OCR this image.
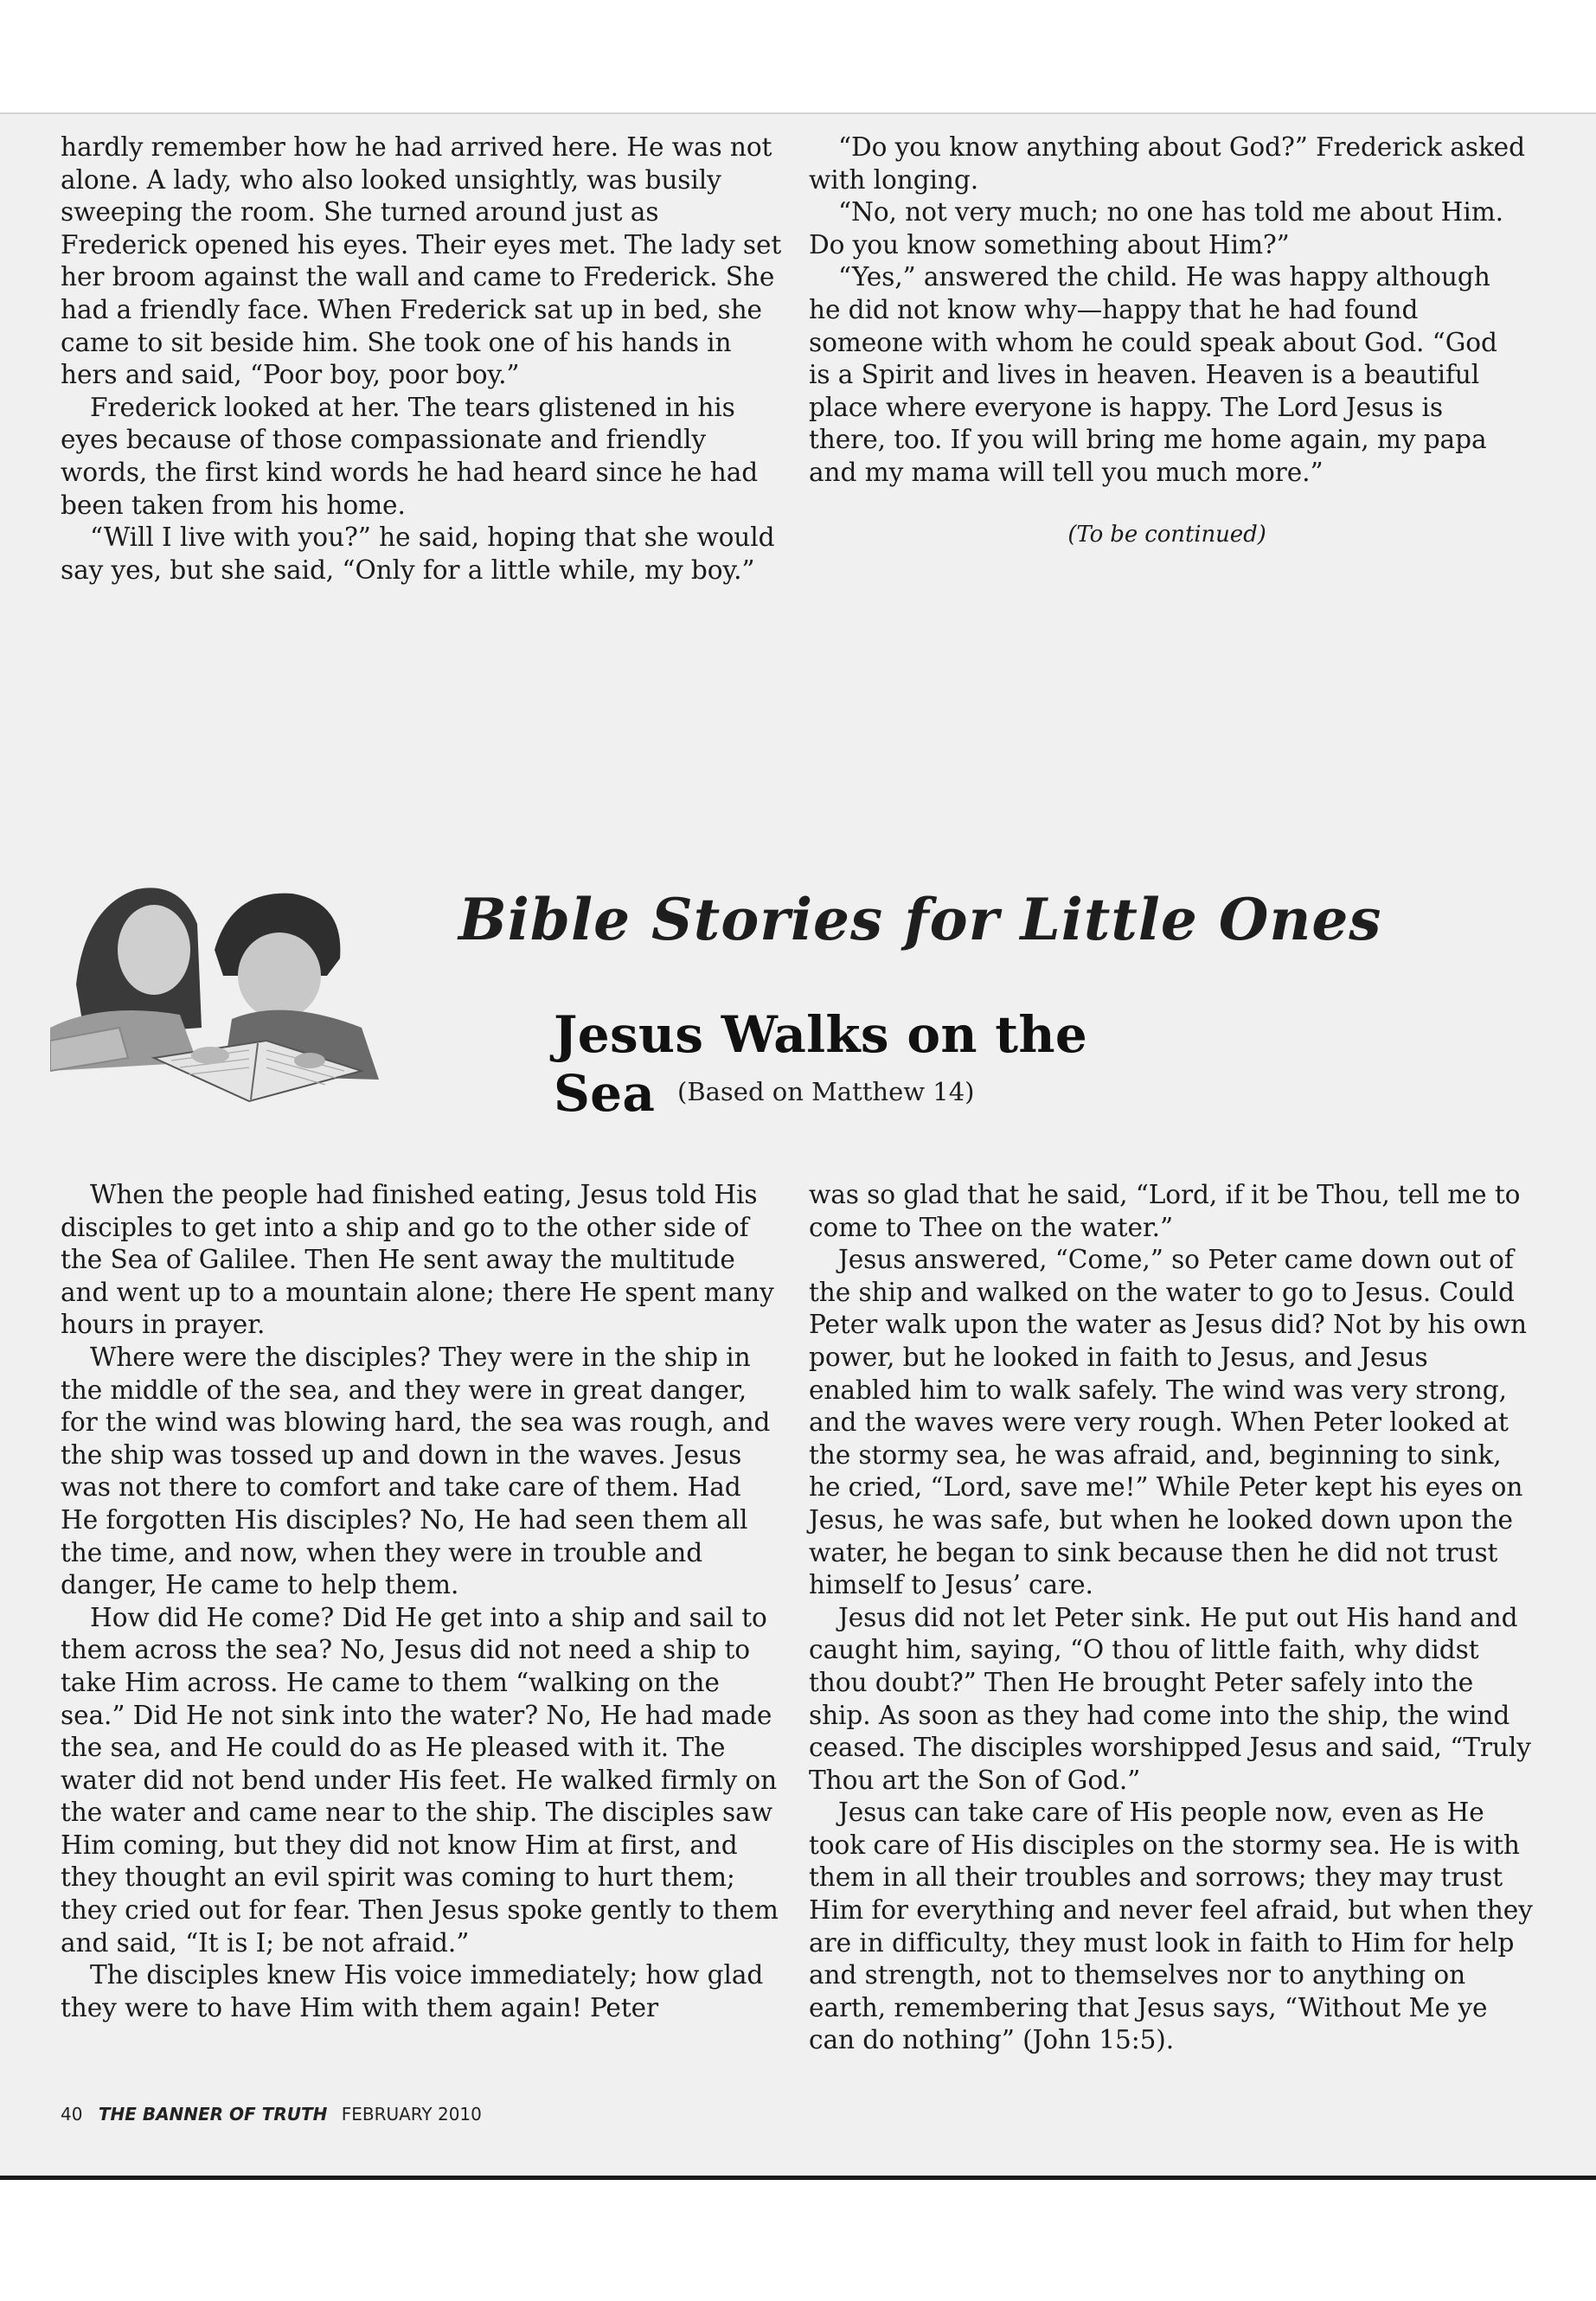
hardly remember how he had arrived here. He was not alone. A lady, who also looked unsightly, was busily sweeping the room. She turned around just as Frederick opened his eyes. Their eyes met. The lady set her broom against the wall and came to Frederick. She had a friendly face. When Frederick sat up in bed, she came to sit beside him. She took one of his hands in hers and said, “Poor boy, poor boy.”

Frederick looked at her. The tears glistened in his eyes because of those compassionate and friendly words, the first kind words he had heard since he had been taken from his home.

“Will I live with you?” he said, hoping that she would say yes, but she said, “Only for a little while, my boy.”

“Do you know anything about God?” Frederick asked with longing.

“No, not very much; no one has told me about Him. Do you know something about Him?”

“Yes,” answered the child. He was happy although he did not know why—happy that he had found someone with whom he could speak about God. “God is a Spirit and lives in heaven. Heaven is a beautiful place where everyone is happy. The Lord Jesus is there, too. If you will bring me home again, my papa and my mama will tell you much more.”

(To be continued)
Bible Stories for Little Ones
Jesus Walks on the Sea (Based on Matthew 14)

When the people had finished eating, Jesus told His disciples to get into a ship and go to the other side of the Sea of Galilee. Then He sent away the multitude and went up to a mountain alone; there He spent many hours in prayer.

Where were the disciples? They were in the ship in the middle of the sea, and they were in great danger, for the wind was blowing hard, the sea was rough, and the ship was tossed up and down in the waves. Jesus was not there to comfort and take care of them. Had He forgotten His disciples? No, He had seen them all the time, and now, when they were in trouble and danger, He came to help them.

How did He come? Did He get into a ship and sail to them across the sea? No, Jesus did not need a ship to take Him across. He came to them “walking on the sea.” Did He not sink into the water? No, He had made the sea, and He could do as He pleased with it. The water did not bend under His feet. He walked firmly on the water and came near to the ship. The disciples saw Him coming, but they did not know Him at first, and they thought an evil spirit was coming to hurt them; they cried out for fear. Then Jesus spoke gently to them and said, “It is I; be not afraid.”

The disciples knew His voice immediately; how glad they were to have Him with them again! Peter

was so glad that he said, “Lord, if it be Thou, tell me to come to Thee on the water.”

Jesus answered, “Come,” so Peter came down out of the ship and walked on the water to go to Jesus. Could Peter walk upon the water as Jesus did? Not by his own power, but he looked in faith to Jesus, and Jesus enabled him to walk safely. The wind was very strong, and the waves were very rough. When Peter looked at the stormy sea, he was afraid, and, beginning to sink, he cried, “Lord, save me!” While Peter kept his eyes on Jesus, he was safe, but when he looked down upon the water, he began to sink because then he did not trust himself to Jesus’ care.

Jesus did not let Peter sink. He put out His hand and caught him, saying, “O thou of little faith, why didst thou doubt?” Then He brought Peter safely into the ship. As soon as they had come into the ship, the wind ceased. The disciples worshipped Jesus and said, “Truly Thou art the Son of God.”

Jesus can take care of His people now, even as He took care of His disciples on the stormy sea. He is with them in all their troubles and sorrows; they may trust Him for everything and never feel afraid, but when they are in difficulty, they must look in faith to Him for help and strength, not to themselves nor to anything on earth, remembering that Jesus says, “Without Me ye can do nothing” (John 15:5).

40 THE BANNER OF TRUTH FEBRUARY 2010
